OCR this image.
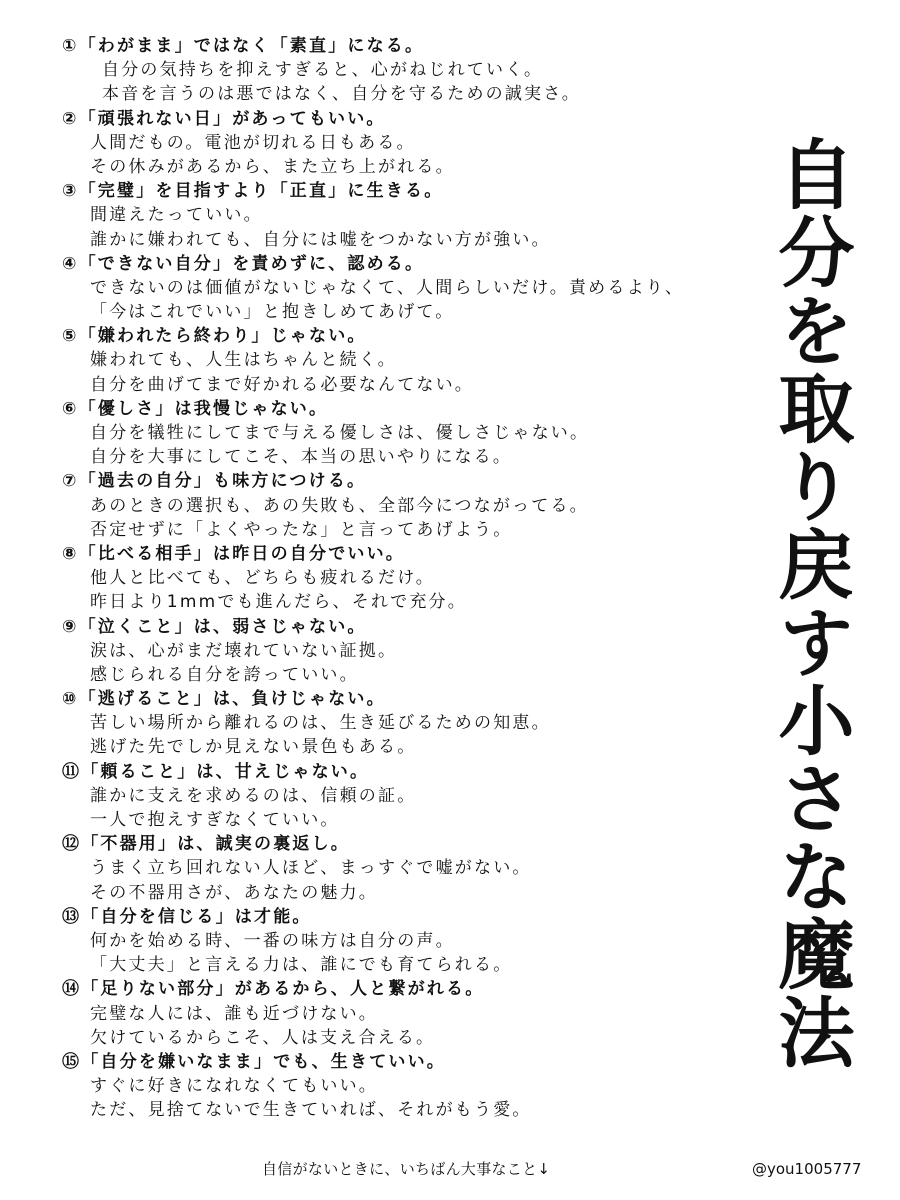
①「わがまま」ではなく「素直」になる。
自分の気持ちを抑えすぎると、心がねじれていく。
本音を言うのは悪ではなく、自分を守るための誠実さ。
②「頑張れない日」があってもいい。
人間だもの。電池が切れる日もある。
その休みがあるから、また立ち上がれる。
③「完璧」を目指すより「正直」に生きる。
間違えたっていい。
誰かに嫌われても、自分には嘘をつかない方が強い。
④「できない自分」を責めずに、認める。
できないのは価値がないじゃなくて、人間らしいだけ。責めるより、
「今はこれでいい」と抱きしめてあげて。
⑤「嫌われたら終わり」じゃない。
嫌われても、人生はちゃんと続く。
自分を曲げてまで好かれる必要なんてない。
⑥「優しさ」は我慢じゃない。
自分を犠牲にしてまで与える優しさは、優しさじゃない。
自分を大事にしてこそ、本当の思いやりになる。
⑦「過去の自分」も味方につける。
あのときの選択も、あの失敗も、全部今につながってる。
否定せずに「よくやったな」と言ってあげよう。
⑧「比べる相手」は昨日の自分でいい。
他人と比べても、どちらも疲れるだけ。
昨日より1mmでも進んだら、それで充分。
⑨「泣くこと」は、弱さじゃない。
涙は、心がまだ壊れていない証拠。
感じられる自分を誇っていい。
⑩「逃げること」は、負けじゃない。
苦しい場所から離れるのは、生き延びるための知恵。
逃げた先でしか見えない景色もある。
⑪「頼ること」は、甘えじゃない。
誰かに支えを求めるのは、信頼の証。
一人で抱えすぎなくていい。
⑫「不器用」は、誠実の裏返し。
うまく立ち回れない人ほど、まっすぐで嘘がない。
その不器用さが、あなたの魅力。
⑬「自分を信じる」は才能。
何かを始める時、一番の味方は自分の声。
「大丈夫」と言える力は、誰にでも育てられる。
⑭「足りない部分」があるから、人と繋がれる。
完璧な人には、誰も近づけない。
欠けているからこそ、人は支え合える。
⑮「自分を嫌いなまま」でも、生きていい。
すぐに好きになれなくてもいい。
ただ、見捨てないで生きていれば、それがもう愛。
自分を取り戻す小さな魔法
自信がないときに、いちばん大事なこと↓	@you1005777
